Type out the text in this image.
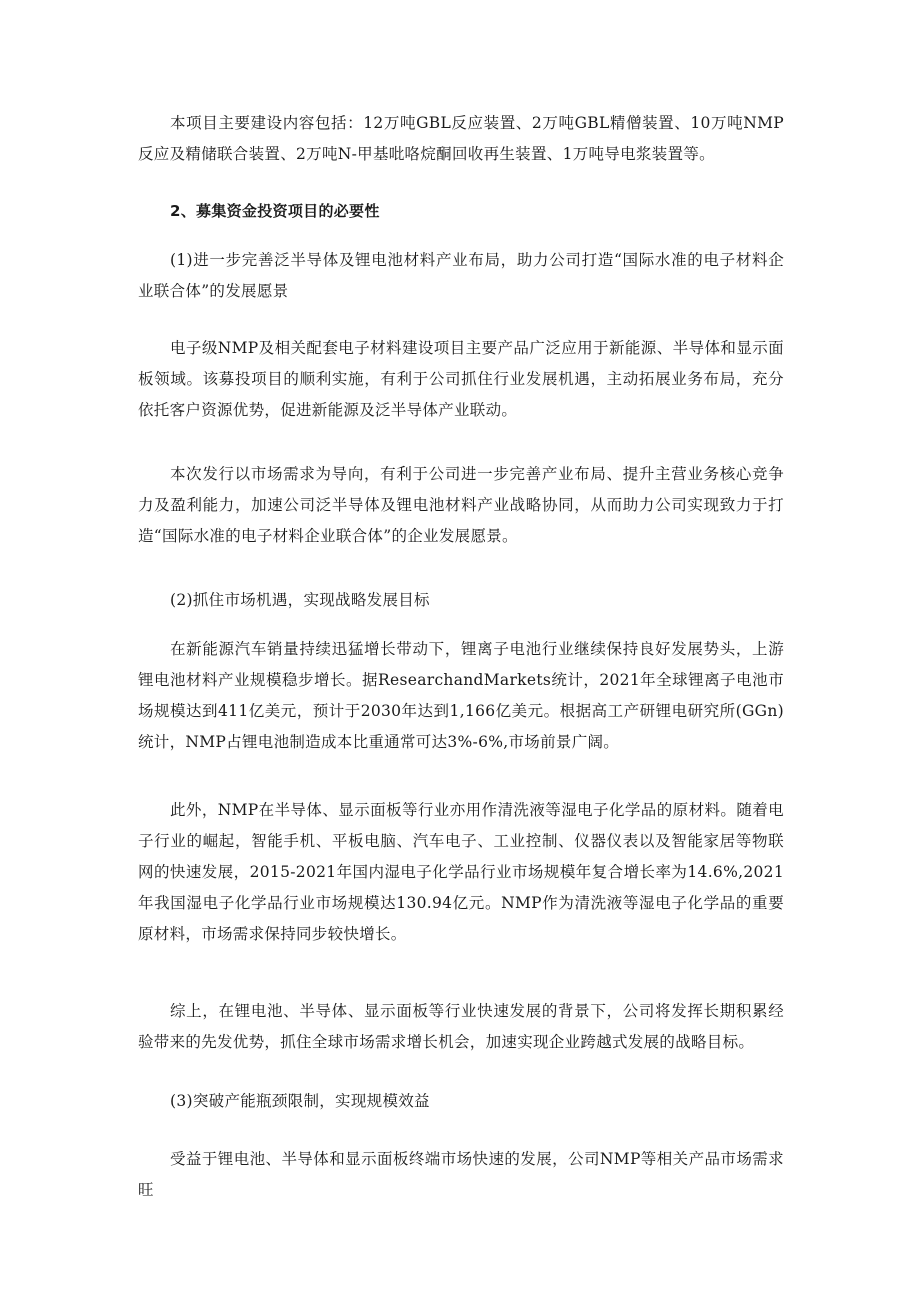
本项目主要建设内容包括：12万吨GBL反应装置、2万吨GBL精僧装置、10万吨NMP反应及精储联合装置、2万吨N-甲基吡咯烷酮回收再生装置、1万吨导电浆装置等。

2、募集资金投资项目的必要性

(1)进一步完善泛半导体及锂电池材料产业布局，助力公司打造“国际水准的电子材料企业联合体”的发展愿景

电子级NMP及相关配套电子材料建设项目主要产品广泛应用于新能源、半导体和显示面板领域。该募投项目的顺利实施，有利于公司抓住行业发展机遇，主动拓展业务布局，充分依托客户资源优势，促进新能源及泛半导体产业联动。

本次发行以市场需求为导向，有利于公司进一步完善产业布局、提升主营业务核心竞争力及盈利能力，加速公司泛半导体及锂电池材料产业战略协同，从而助力公司实现致力于打造“国际水准的电子材料企业联合体”的企业发展愿景。

(2)抓住市场机遇，实现战略发展目标

在新能源汽车销量持续迅猛增长带动下，锂离子电池行业继续保持良好发展势头，上游锂电池材料产业规模稳步增长。据ResearchandMarkets统计，2021年全球锂离子电池市场规模达到411亿美元，预计于2030年达到1,166亿美元。根据高工产研锂电研究所(GGn)统计，NMP占锂电池制造成本比重通常可达3%-6%,市场前景广阔。

此外，NMP在半导体、显示面板等行业亦用作清洗液等湿电子化学品的原材料。随着电子行业的崛起，智能手机、平板电脑、汽车电子、工业控制、仪器仪表以及智能家居等物联网的快速发展，2015-2021年国内湿电子化学品行业市场规模年复合增长率为14.6%,2021年我国湿电子化学品行业市场规模达130.94亿元。NMP作为清洗液等湿电子化学品的重要原材料，市场需求保持同步较快增长。

综上，在锂电池、半导体、显示面板等行业快速发展的背景下，公司将发挥长期积累经验带来的先发优势，抓住全球市场需求增长机会，加速实现企业跨越式发展的战略目标。

(3)突破产能瓶颈限制，实现规模效益

受益于锂电池、半导体和显示面板终端市场快速的发展，公司NMP等相关产品市场需求旺
